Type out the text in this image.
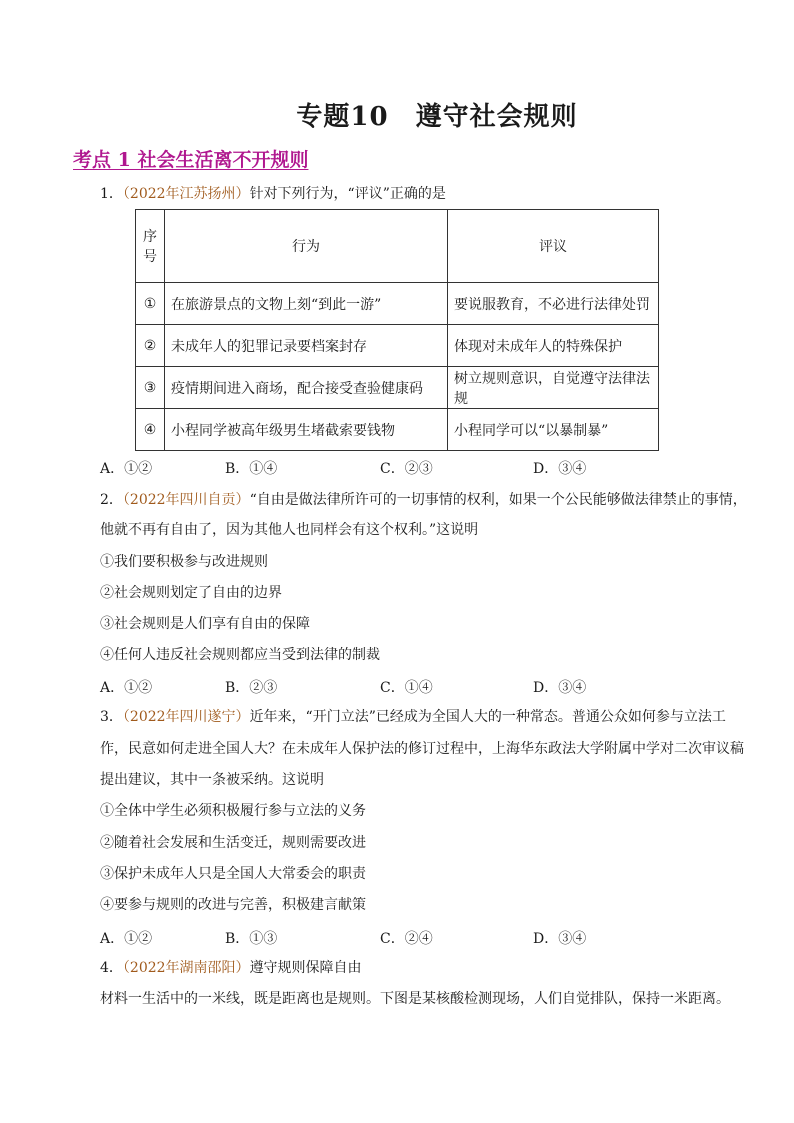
专题10　遵守社会规则
考点 1 社会生活离不开规则
1．（2022年江苏扬州）针对下列行为，“评议”正确的是
序号	行为	评议
①	在旅游景点的文物上刻“到此一游”	要说服教育，不必进行法律处罚
②	未成年人的犯罪记录要档案封存	体现对未成年人的特殊保护
③	疫情期间进入商场，配合接受查验健康码	树立规则意识，自觉遵守法律法规
④	小程同学被高年级男生堵截索要钱物	小程同学可以“以暴制暴”
A．①②	B．①④	C．②③	D．③④
2．（2022年四川自贡）“自由是做法律所许可的一切事情的权利，如果一个公民能够做法律禁止的事情，
他就不再有自由了，因为其他人也同样会有这个权利。”这说明
①我们要积极参与改进规则
②社会规则划定了自由的边界
③社会规则是人们享有自由的保障
④任何人违反社会规则都应当受到法律的制裁
A．①②	B．②③	C．①④	D．③④
3．（2022年四川遂宁）近年来，“开门立法”已经成为全国人大的一种常态。普通公众如何参与立法工
作，民意如何走进全国人大？在未成年人保护法的修订过程中，上海华东政法大学附属中学对二次审议稿
提出建议，其中一条被采纳。这说明
①全体中学生必须积极履行参与立法的义务
②随着社会发展和生活变迁，规则需要改进
③保护未成年人只是全国人大常委会的职责
④要参与规则的改进与完善，积极建言献策
A．①②	B．①③	C．②④	D．③④
4．（2022年湖南邵阳）遵守规则保障自由
材料一生活中的一米线，既是距离也是规则。下图是某核酸检测现场，人们自觉排队，保持一米距离。
